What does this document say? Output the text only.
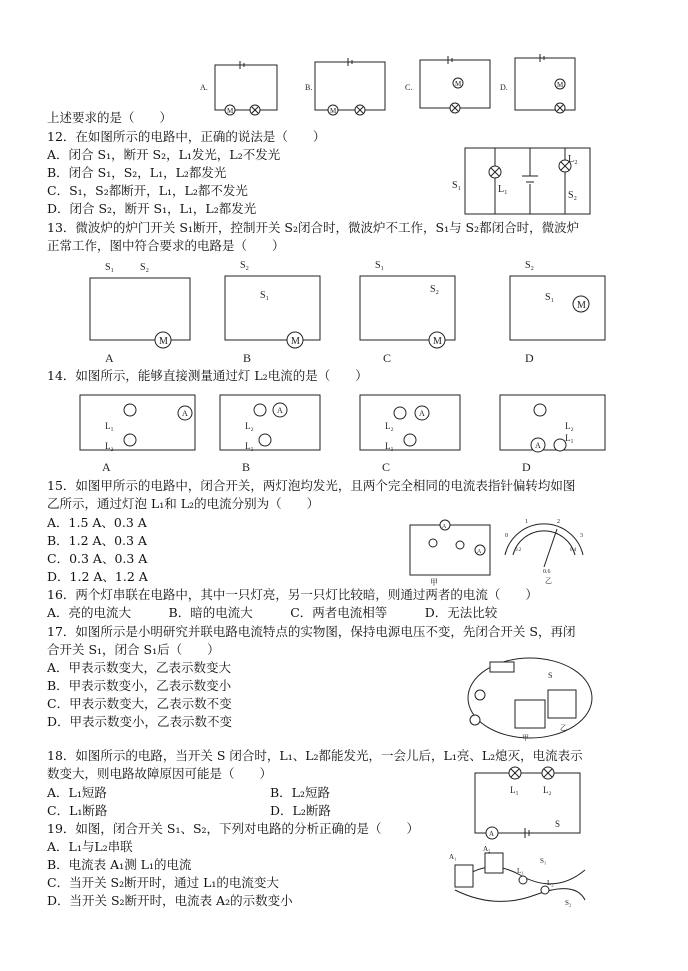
上述要求的是（　　）
12．在如图所示的电路中，正确的说法是（　　）
A．闭合 S₁，断开 S₂，L₁发光，L₂不发光
B．闭合 S₁，S₂，L₁，L₂都发光
C．S₁，S₂都断开，L₁，L₂都不发光
D．闭合 S₂，断开 S₁，L₁，L₂都发光
13．微波炉的炉门开关 S₁断开，控制开关 S₂闭合时，微波炉不工作，S₁与 S₂都闭合时，微波炉
正常工作，图中符合要求的电路是（　　）
14．如图所示，能够直接测量通过灯 L₂电流的是（　　）
15．如图甲所示的电路中，闭合开关，两灯泡均发光，且两个完全相同的电流表指针偏转均如图
乙所示，通过灯泡 L₁和 L₂的电流分别为（　　）
A．1.5 A、0.3 A
B．1.2 A、0.3 A
C．0.3 A、0.3 A
D．1.2 A、1.2 A
16．两个灯串联在电路中，其中一只灯亮，另一只灯比较暗，则通过两者的电流（　　）
A．亮的电流大　　　B．暗的电流大　　　C．两者电流相等　　　D．无法比较
17．如图所示是小明研究并联电路电流特点的实物图，保持电源电压不变，先闭合开关 S，再闭
合开关 S₁，闭合 S₁后（　　）
A．甲表示数变大，乙表示数变大
B．甲表示数变小，乙表示数变小
C．甲表示数变大，乙表示数不变
D．甲表示数变小，乙表示数不变
18．如图所示的电路，当开关 S 闭合时，L₁、L₂都能发光，一会儿后，L₁亮、L₂熄灭，电流表示
数变大，则电路故障原因可能是（　　）
A．L₁短路	B．L₂短路
C．L₁断路	D．L₂断路
19．如图，闭合开关 S₁、S₂，下列对电路的分析正确的是（　　）
A．L₁与L₂串联
B．电流表 A₁测 L₁的电流
C．当开关 S₂断开时，通过 L₁的电流变大
D．当开关 S₂断开时，电流表 A₂的示数变小
A.
M
B.
M
C.	M	D.	M
S₁	L₁
L₂
S₂
S₁	S₂
M
A
S₂
S₁
M
B
S₁
S₂
M
C
S₂
S₁
M
D
A
L₁
L₂
A
A
L₂
L₁
B
A
L₂
L₁
C
A
L₂
L₁
D
A
A
甲
0
1	2
3
0.2	0.4
0.6
乙
S
甲
乙
L₁	L₂
A
S
A₁
A₂
S₁
S₂
L₁
L₂
